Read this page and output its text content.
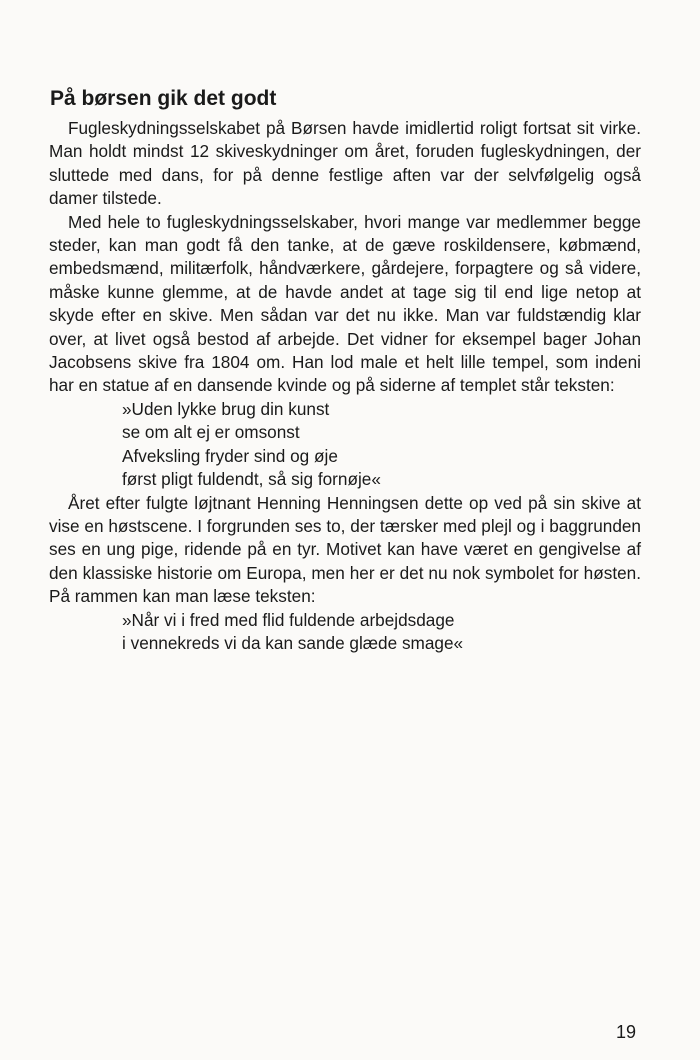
På børsen gik det godt

Fugleskydningsselskabet på Børsen havde imidlertid roligt fortsat sit virke. Man holdt mindst 12 skiveskydninger om året, foruden fugleskydningen, der sluttede med dans, for på denne festlige aften var der selvfølgelig også damer tilstede.

Med hele to fugleskydningsselskaber, hvori mange var medlemmer begge steder, kan man godt få den tanke, at de gæve roskildensere, købmænd, embedsmænd, militærfolk, håndværkere, gårdejere, forpagtere og så videre, måske kunne glemme, at de havde andet at tage sig til end lige netop at skyde efter en skive. Men sådan var det nu ikke. Man var fuldstændig klar over, at livet også bestod af arbejde. Det vidner for eksempel bager Johan Jacobsens skive fra 1804 om. Han lod male et helt lille tempel, som indeni har en statue af en dansende kvinde og på siderne af templet står teksten:

»Uden lykke brug din kunst
se om alt ej er omsonst
Afveksling fryder sind og øje
først pligt fuldendt, så sig fornøje«

Året efter fulgte løjtnant Henning Henningsen dette op ved på sin skive at vise en høstscene. I forgrunden ses to, der tærsker med plejl og i baggrunden ses en ung pige, ridende på en tyr. Motivet kan have været en gengivelse af den klassiske historie om Europa, men her er det nu nok symbolet for høsten. På rammen kan man læse teksten:

»Når vi i fred med flid fuldende arbejdsdage
i vennekreds vi da kan sande glæde smage«
19
